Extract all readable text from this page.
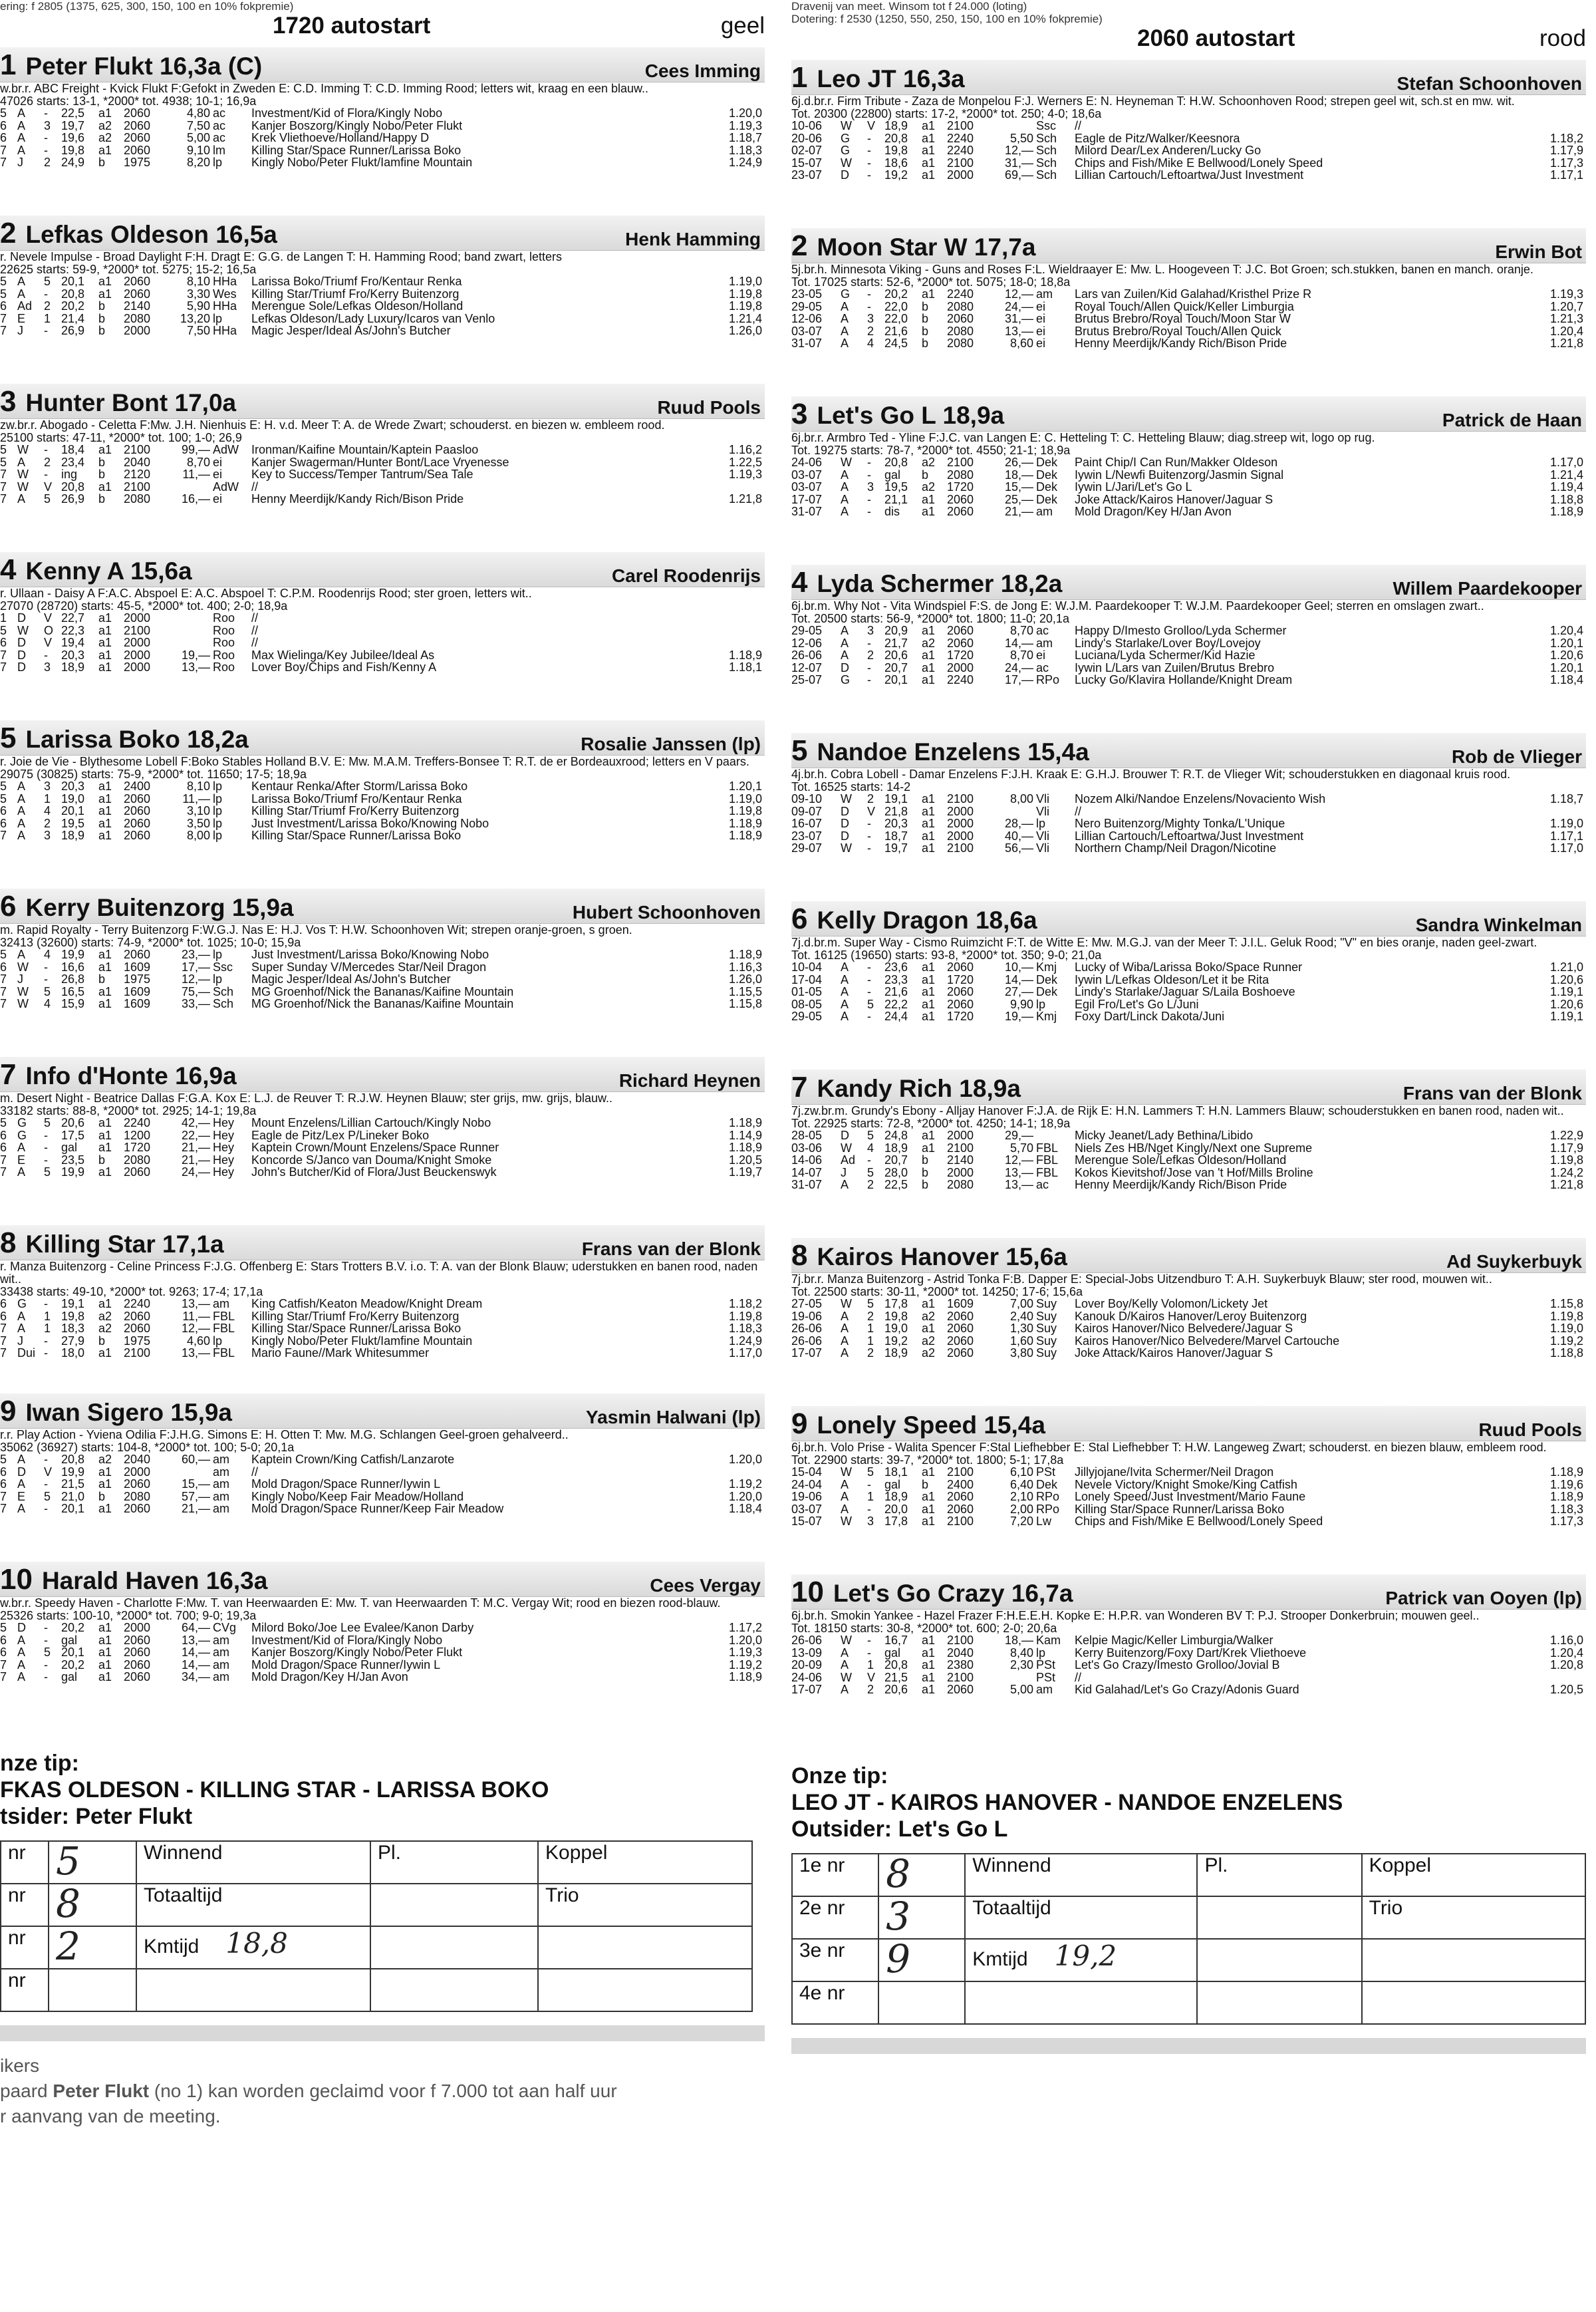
ering: f 2805 (1375, 625, 300, 150, 100 en 10% fokpremie)
1720 autostart	geel
1 Peter Flukt 16,3a (C)	Cees Imming
w.br.r. ABC Freight - Kvick Flukt F:Gefokt in Zweden E: C.D. Imming T: C.D. Imming Rood; letters wit, kraag en een blauw..
47026 starts: 13-1, *2000* tot. 4938; 10-1; 16,9a
5	A	-	22,5	a1	2060	4,80	ac	Investment/Kid of Flora/Kingly Nobo	1.20,0
6	A	3	19,7	a2	2060	7,50	ac	Kanjer Boszorg/Kingly Nobo/Peter Flukt	1.19,3
6	A	-	19,6	a2	2060	5,00	ac	Krek Vliethoeve/Holland/Happy D	1.18,7
7	A	-	19,8	a1	2060	9,10	lm	Killing Star/Space Runner/Larissa Boko	1.18,3
7	J	2	24,9	b	1975	8,20	lp	Kingly Nobo/Peter Flukt/Iamfine Mountain	1.24,9
2 Lefkas Oldeson 16,5a	Henk Hamming
r. Nevele Impulse - Broad Daylight F:H. Dragt E: G.G. de Langen T: H. Hamming Rood; band zwart, letters
22625 starts: 59-9, *2000* tot. 5275; 15-2; 16,5a
5	A	5	20,1	a1	2060	8,10	HHa	Larissa Boko/Triumf Fro/Kentaur Renka	1.19,0
5	A	-	20,8	a1	2060	3,30	Wes	Killing Star/Triumf Fro/Kerry Buitenzorg	1.19,8
6	Ad	2	20,2	b	2140	5,90	HHa	Merengue Sole/Lefkas Oldeson/Holland	1.19,8
7	E	1	21,4	b	2080	13,20	lp	Lefkas Oldeson/Lady Luxury/Icaros van Venlo	1.21,4
7	J	-	26,9	b	2000	7,50	HHa	Magic Jesper/Ideal As/John's Butcher	1.26,0
3 Hunter Bont 17,0a	Ruud Pools
zw.br.r. Abogado - Celetta F:Mw. J.H. Nienhuis E: H. v.d. Meer T: A. de Wrede Zwart; schouderst. en biezen w. embleem rood.
25100 starts: 47-11, *2000* tot. 100; 1-0; 26,9
5	W	-	18,4	a1	2100	99,—	AdW	Ironman/Kaifine Mountain/Kaptein Paasloo	1.16,2
5	A	2	23,4	b	2040	8,70	ei	Kanjer Swagerman/Hunter Bont/Lace Vryenesse	1.22,5
7	W	-	ing	b	2120	11,—	ei	Key to Success/Temper Tantrum/Sea Tale	1.19,3
7	W	V	20,8	a1	2100		AdW	//	
7	A	5	26,9	b	2080	16,—	ei	Henny Meerdijk/Kandy Rich/Bison Pride	1.21,8
4 Kenny A 15,6a	Carel Roodenrijs
r. Ullaan - Daisy A F:A.C. Abspoel E: A.C. Abspoel T: C.P.M. Roodenrijs Rood; ster groen, letters wit..
27070 (28720) starts: 45-5, *2000* tot. 400; 2-0; 18,9a
1	D	V	22,7	a1	2000		Roo	//	
5	W	O	22,3	a1	2100		Roo	//	
6	D	V	19,4	a1	2000		Roo	//	
7	D	-	20,3	a1	2000	19,—	Roo	Max Wielinga/Key Jubilee/Ideal As	1.18,9
7	D	3	18,9	a1	2000	13,—	Roo	Lover Boy/Chips and Fish/Kenny A	1.18,1
5 Larissa Boko 18,2a	Rosalie Janssen (lp)
r. Joie de Vie - Blythesome Lobell F:Boko Stables Holland B.V. E: Mw. M.A.M. Treffers-Bonsee T: R.T. de er Bordeauxrood; letters en V paars.
29075 (30825) starts: 75-9, *2000* tot. 11650; 17-5; 18,9a
5	A	3	20,3	a1	2400	8,10	lp	Kentaur Renka/After Storm/Larissa Boko	1.20,1
5	A	1	19,0	a1	2060	11,—	lp	Larissa Boko/Triumf Fro/Kentaur Renka	1.19,0
6	A	4	20,1	a1	2060	3,10	lp	Killing Star/Triumf Fro/Kerry Buitenzorg	1.19,8
6	A	2	19,5	a1	2060	3,50	lp	Just Investment/Larissa Boko/Knowing Nobo	1.18,9
7	A	3	18,9	a1	2060	8,00	lp	Killing Star/Space Runner/Larissa Boko	1.18,9
6 Kerry Buitenzorg 15,9a	Hubert Schoonhoven
m. Rapid Royalty - Terry Buitenzorg F:W.G.J. Nas E: H.J. Vos T: H.W. Schoonhoven Wit; strepen oranje-groen, s groen.
32413 (32600) starts: 74-9, *2000* tot. 1025; 10-0; 15,9a
5	A	4	19,9	a1	2060	23,—	lp	Just Investment/Larissa Boko/Knowing Nobo	1.18,9
6	W	-	16,6	a1	1609	17,—	Ssc	Super Sunday V/Mercedes Star/Neil Dragon	1.16,3
7	J	-	26,8	b	1975	12,—	lp	Magic Jesper/Ideal As/John's Butcher	1.26,0
7	W	5	16,5	a1	1609	75,—	Sch	MG Groenhof/Nick the Bananas/Kaifine Mountain	1.15,5
7	W	4	15,9	a1	1609	33,—	Sch	MG Groenhof/Nick the Bananas/Kaifine Mountain	1.15,8
7 Info d'Honte 16,9a	Richard Heynen
m. Desert Night - Beatrice Dallas F:G.A. Kox E: L.J. de Reuver T: R.J.W. Heynen Blauw; ster grijs, mw. grijs, blauw..
33182 starts: 88-8, *2000* tot. 2925; 14-1; 19,8a
5	G	5	20,6	a1	2240	42,—	Hey	Mount Enzelens/Lillian Cartouch/Kingly Nobo	1.18,9
6	G	-	17,5	a1	1200	22,—	Hey	Eagle de Pitz/Lex P/Lineker Boko	1.14,9
6	A	-	gal	a1	1720	21,—	Hey	Kaptein Crown/Mount Enzelens/Space Runner	1.18,9
7	E	-	23,5	b	2080	21,—	Hey	Koncorde S/Janco van Douma/Knight Smoke	1.20,5
7	A	5	19,9	a1	2060	24,—	Hey	John's Butcher/Kid of Flora/Just Beuckenswyk	1.19,7
8 Killing Star 17,1a	Frans van der Blonk
r. Manza Buitenzorg - Celine Princess F:J.G. Offenberg E: Stars Trotters B.V. i.o. T: A. van der Blonk Blauw; uderstukken en banen rood, naden wit..
33438 starts: 49-10, *2000* tot. 9263; 17-4; 17,1a
6	G	-	19,1	a1	2240	13,—	am	King Catfish/Keaton Meadow/Knight Dream	1.18,2
6	A	1	19,8	a2	2060	11,—	FBL	Killing Star/Triumf Fro/Kerry Buitenzorg	1.19,8
7	A	1	18,3	a2	2060	12,—	FBL	Killing Star/Space Runner/Larissa Boko	1.18,3
7	J	-	27,9	b	1975	4,60	lp	Kingly Nobo/Peter Flukt/Iamfine Mountain	1.24,9
7	Dui	-	18,0	a1	2100	13,—	FBL	Mario Faune//Mark Whitesummer	1.17,0
9 Iwan Sigero 15,9a	Yasmin Halwani (lp)
r.r. Play Action - Yviena Odilia F:J.H.G. Simons E: H. Otten T: Mw. M.G. Schlangen Geel-groen gehalveerd..
35062 (36927) starts: 104-8, *2000* tot. 100; 5-0; 20,1a
5	A	-	20,8	a2	2040	60,—	am	Kaptein Crown/King Catfish/Lanzarote	1.20,0
6	D	V	19,9	a1	2000		am	//	
6	A	-	21,5	a1	2060	15,—	am	Mold Dragon/Space Runner/Iywin L	1.19,2
7	E	5	21,0	b	2080	57,—	am	Kingly Nobo/Keep Fair Meadow/Holland	1.20,0
7	A	-	20,1	a1	2060	21,—	am	Mold Dragon/Space Runner/Keep Fair Meadow	1.18,4
10 Harald Haven 16,3a	Cees Vergay
w.br.r. Speedy Haven - Charlotte F:Mw. T. van Heerwaarden E: Mw. T. van Heerwaarden T: M.C. Vergay Wit; rood en biezen rood-blauw.
25326 starts: 100-10, *2000* tot. 700; 9-0; 19,3a
5	D	-	20,2	a1	2000	64,—	CVg	Milord Boko/Joe Lee Evalee/Kanon Darby	1.17,2
6	A	-	gal	a1	2060	13,—	am	Investment/Kid of Flora/Kingly Nobo	1.20,0
6	A	5	20,1	a1	2060	14,—	am	Kanjer Boszorg/Kingly Nobo/Peter Flukt	1.19,3
7	A	-	20,2	a1	2060	14,—	am	Mold Dragon/Space Runner/Iywin L	1.19,2
7	A	-	gal	a1	2060	34,—	am	Mold Dragon/Key H/Jan Avon	1.18,9
nze tip:
FKAS OLDESON - KILLING STAR - LARISSA BOKO
tsider: Peter Flukt
nr	5	Winnend	Pl.	Koppel
nr	8	Totaaltijd		Trio
nr	2	Kmtijd 18,8		
nr				
ikers
paard Peter Flukt (no 1) kan worden geclaimd voor f 7.000 tot aan half uur
r aanvang van de meeting.
Dravenij van meet. Winsom tot f 24.000 (loting)
Dotering: f 2530 (1250, 550, 250, 150, 100 en 10% fokpremie)
2060 autostart	rood
1 Leo JT 16,3a	Stefan Schoonhoven
6j.d.br.r. Firm Tribute - Zaza de Monpelou F:J. Werners E: N. Heyneman T: H.W. Schoonhoven Rood; strepen geel wit, sch.st en mw. wit.
Tot. 20300 (22800) starts: 17-2, *2000* tot. 250; 4-0; 18,6a
10-06	W	V	18,9	a1	2100		Ssc	//	
20-06	G	-	20,8	a1	2240	5,50	Sch	Eagle de Pitz/Walker/Keesnora	1.18,2
02-07	G	-	19,8	a1	2240	12,—	Sch	Milord Dear/Lex Anderen/Lucky Go	1.17,9
15-07	W	-	18,6	a1	2100	31,—	Sch	Chips and Fish/Mike E Bellwood/Lonely Speed	1.17,3
23-07	D	-	19,2	a1	2000	69,—	Sch	Lillian Cartouch/Leftoartwa/Just Investment	1.17,1
2 Moon Star W 17,7a	Erwin Bot
5j.br.h. Minnesota Viking - Guns and Roses F:L. Wieldraayer E: Mw. L. Hoogeveen T: J.C. Bot Groen; sch.stukken, banen en manch. oranje.
Tot. 17025 starts: 52-6, *2000* tot. 5075; 18-0; 18,8a
23-05	G	-	20,2	a1	2240	12,—	am	Lars van Zuilen/Kid Galahad/Kristhel Prize R	1.19,3
29-05	A	-	22,0	b	2080	24,—	ei	Royal Touch/Allen Quick/Keller Limburgia	1.20,7
12-06	A	3	22,0	b	2060	31,—	ei	Brutus Brebro/Royal Touch/Moon Star W	1.21,3
03-07	A	2	21,6	b	2080	13,—	ei	Brutus Brebro/Royal Touch/Allen Quick	1.20,4
31-07	A	4	24,5	b	2080	8,60	ei	Henny Meerdijk/Kandy Rich/Bison Pride	1.21,8
3 Let's Go L 18,9a	Patrick de Haan
6j.br.r. Armbro Ted - Yline F:J.C. van Langen E: C. Hetteling T: C. Hetteling Blauw; diag.streep wit, logo op rug.
Tot. 19275 starts: 78-7, *2000* tot. 4550; 21-1; 18,9a
24-06	W	-	20,8	a2	2100	26,—	Dek	Paint Chip/I Can Run/Makker Oldeson	1.17,0
03-07	A	-	gal	b	2080	18,—	Dek	Iywin L/Newfi Buitenzorg/Jasmin Signal	1.21,4
03-07	A	3	19,5	a2	1720	15,—	Dek	Iywin L/Jari/Let's Go L	1.19,4
17-07	A	-	21,1	a1	2060	25,—	Dek	Joke Attack/Kairos Hanover/Jaguar S	1.18,8
31-07	A	-	dis	a1	2060	21,—	am	Mold Dragon/Key H/Jan Avon	1.18,9
4 Lyda Schermer 18,2a	Willem Paardekooper
6j.br.m. Why Not - Vita Windspiel F:S. de Jong E: W.J.M. Paardekooper T: W.J.M. Paardekooper Geel; sterren en omslagen zwart..
Tot. 20500 starts: 56-9, *2000* tot. 1800; 11-0; 20,1a
29-05	A	3	20,9	a1	2060	8,70	ac	Happy D/Imesto Grolloo/Lyda Schermer	1.20,4
12-06	A	-	21,7	a2	2060	14,—	am	Lindy's Starlake/Lover Boy/Lovejoy	1.20,1
26-06	A	2	20,6	a1	1720	8,70	ei	Luciana/Lyda Schermer/Kid Hazie	1.20,6
12-07	D	-	20,7	a1	2000	24,—	ac	Iywin L/Lars van Zuilen/Brutus Brebro	1.20,1
25-07	G	-	20,1	a1	2240	17,—	RPo	Lucky Go/Klavira Hollande/Knight Dream	1.18,4
5 Nandoe Enzelens 15,4a	Rob de Vlieger
4j.br.h. Cobra Lobell - Damar Enzelens F:J.H. Kraak E: G.H.J. Brouwer T: R.T. de Vlieger Wit; schouderstukken en diagonaal kruis rood.
Tot. 16525 starts: 14-2
09-10	W	2	19,1	a1	2100	8,00	Vli	Nozem Alki/Nandoe Enzelens/Novaciento Wish	1.18,7
09-07	D	V	21,8	a1	2000		Vli	//	
16-07	D	-	20,3	a1	2000	28,—	lp	Nero Buitenzorg/Mighty Tonka/L'Unique	1.19,0
23-07	D	-	18,7	a1	2000	40,—	Vli	Lillian Cartouch/Leftoartwa/Just Investment	1.17,1
29-07	W	-	19,7	a1	2100	56,—	Vli	Northern Champ/Neil Dragon/Nicotine	1.17,0
6 Kelly Dragon 18,6a	Sandra Winkelman
7j.d.br.m. Super Way - Cismo Ruimzicht F:T. de Witte E: Mw. M.G.J. van der Meer T: J.I.L. Geluk Rood; "V" en bies oranje, naden geel-zwart.
Tot. 16125 (19650) starts: 93-8, *2000* tot. 350; 9-0; 21,0a
10-04	A	-	23,6	a1	2060	10,—	Kmj	Lucky of Wiba/Larissa Boko/Space Runner	1.21,0
17-04	A	-	23,3	a1	1720	14,—	Dek	Iywin L/Lefkas Oldeson/Let it be Rita	1.20,6
01-05	A	-	21,6	a1	2060	27,—	Dek	Lindy's Starlake/Jaguar S/Laila Boshoeve	1.19,1
08-05	A	5	22,2	a1	2060	9,90	lp	Egil Fro/Let's Go L/Juni	1.20,6
29-05	A	-	24,4	a1	1720	19,—	Kmj	Foxy Dart/Linck Dakota/Juni	1.19,1
7 Kandy Rich 18,9a	Frans van der Blonk
7j.zw.br.m. Grundy's Ebony - Alljay Hanover F:J.A. de Rijk E: H.N. Lammers T: H.N. Lammers Blauw; schouderstukken en banen rood, naden wit..
Tot. 22925 starts: 72-8, *2000* tot. 4250; 14-1; 18,9a
28-05	D	5	24,8	a1	2000	29,—		Micky Jeanet/Lady Bethina/Libido	1.22,9
03-06	W	4	18,9	a1	2100	5,70	FBL	Niels Zes HB/Nget Kingly/Next one Supreme	1.17,9
14-06	Ad	-	20,7	b	2140	12,—	FBL	Merengue Sole/Lefkas Oldeson/Holland	1.19,8
14-07	J	5	28,0	b	2000	13,—	FBL	Kokos Kievitshof/Jose van 't Hof/Mills Broline	1.24,2
31-07	A	2	22,5	b	2080	13,—	ac	Henny Meerdijk/Kandy Rich/Bison Pride	1.21,8
8 Kairos Hanover 15,6a	Ad Suykerbuyk
7j.br.r. Manza Buitenzorg - Astrid Tonka F:B. Dapper E: Special-Jobs Uitzendburo T: A.H. Suykerbuyk Blauw; ster rood, mouwen wit..
Tot. 22500 starts: 30-11, *2000* tot. 14250; 17-6; 15,6a
27-05	W	5	17,8	a1	1609	7,00	Suy	Lover Boy/Kelly Volomon/Lickety Jet	1.15,8
19-06	A	2	19,8	a2	2060	2,40	Suy	Kanouk D/Kairos Hanover/Leroy Buitenzorg	1.19,8
26-06	A	1	19,0	a1	2060	1,30	Suy	Kairos Hanover/Nico Belvedere/Jaguar S	1.19,0
26-06	A	1	19,2	a2	2060	1,60	Suy	Kairos Hanover/Nico Belvedere/Marvel Cartouche	1.19,2
17-07	A	2	18,9	a2	2060	3,80	Suy	Joke Attack/Kairos Hanover/Jaguar S	1.18,8
9 Lonely Speed 15,4a	Ruud Pools
6j.br.h. Volo Prise - Walita Spencer F:Stal Liefhebber E: Stal Liefhebber T: H.W. Langeweg Zwart; schouderst. en biezen blauw, embleem rood.
Tot. 22900 starts: 39-7, *2000* tot. 1800; 5-1; 17,8a
15-04	W	5	18,1	a1	2100	6,10	PSt	Jillyjojane/Ivita Schermer/Neil Dragon	1.18,9
24-04	A	-	gal	b	2400	6,40	Dek	Nevele Victory/Knight Smoke/King Catfish	1.19,6
19-06	A	1	18,9	a1	2060	2,10	RPo	Lonely Speed/Just Investment/Mario Faune	1.18,9
03-07	A	-	20,0	a1	2060	2,00	RPo	Killing Star/Space Runner/Larissa Boko	1.18,3
15-07	W	3	17,8	a1	2100	7,20	Lw	Chips and Fish/Mike E Bellwood/Lonely Speed	1.17,3
10 Let's Go Crazy 16,7a	Patrick van Ooyen (lp)
6j.br.h. Smokin Yankee - Hazel Frazer F:H.E.E.H. Kopke E: H.P.R. van Wonderen BV T: P.J. Strooper Donkerbruin; mouwen geel..
Tot. 18150 starts: 30-8, *2000* tot. 600; 2-0; 20,6a
26-06	W	-	16,7	a1	2100	18,—	Kam	Kelpie Magic/Keller Limburgia/Walker	1.16,0
13-09	A	-	gal	a1	2040	8,40	lp	Kerry Buitenzorg/Foxy Dart/Krek Vliethoeve	1.20,4
20-09	A	1	20,8	a1	2380	2,30	PSt	Let's Go Crazy/Imesto Grolloo/Jovial B	1.20,8
24-06	W	V	21,5	a1	2100		PSt	//	
17-07	A	2	20,6	a1	2060	5,00	am	Kid Galahad/Let's Go Crazy/Adonis Guard	1.20,5
Onze tip:
LEO JT - KAIROS HANOVER - NANDOE ENZELENS
Outsider: Let's Go L
1e nr	8	Winnend	Pl.	Koppel
2e nr	3	Totaaltijd		Trio
3e nr	9	Kmtijd 19,2		
4e nr				
